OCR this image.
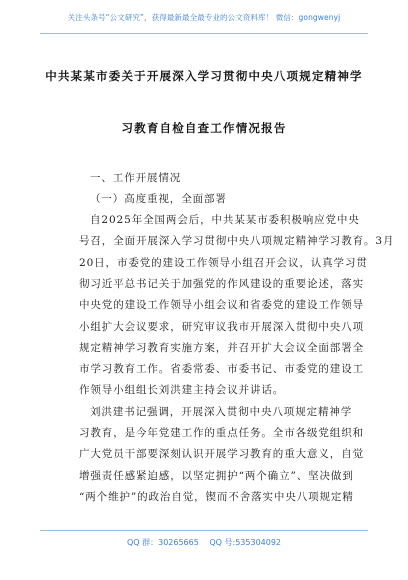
关注头条号“公文研究”，获得最新最全最专业的公文资料库！ 微信：gongwenyj
中共某某市委关于开展深入学习贯彻中央八项规定精神学
习教育自检自查工作情况报告
一、工作开展情况
（一）高度重视，全面部署
自2025年全国两会后，中共某某市委积极响应党中央
号召，全面开展深入学习贯彻中央八项规定精神学习教育。3月
20日，市委党的建设工作领导小组召开会议，认真学习贯
彻习近平总书记关于加强党的作风建设的重要论述，落实
中央党的建设工作领导小组会议和省委党的建设工作领导
小组扩大会议要求，研究审议我市开展深入贯彻中央八项
规定精神学习教育实施方案，并召开扩大会议全面部署全
市学习教育工作。省委常委、市委书记、市委党的建设工
作领导小组组长刘洪建主持会议并讲话。
刘洪建书记强调，开展深入贯彻中央八项规定精神学
习教育，是今年党建工作的重点任务。全市各级党组织和
广大党员干部要深刻认识开展学习教育的重大意义，自觉
增强责任感紧迫感，以坚定拥护“两个确立”、坚决做到
“两个维护”的政治自觉，锲而不舍落实中央八项规定精
QQ 群：30265665 QQ 号:535304092
